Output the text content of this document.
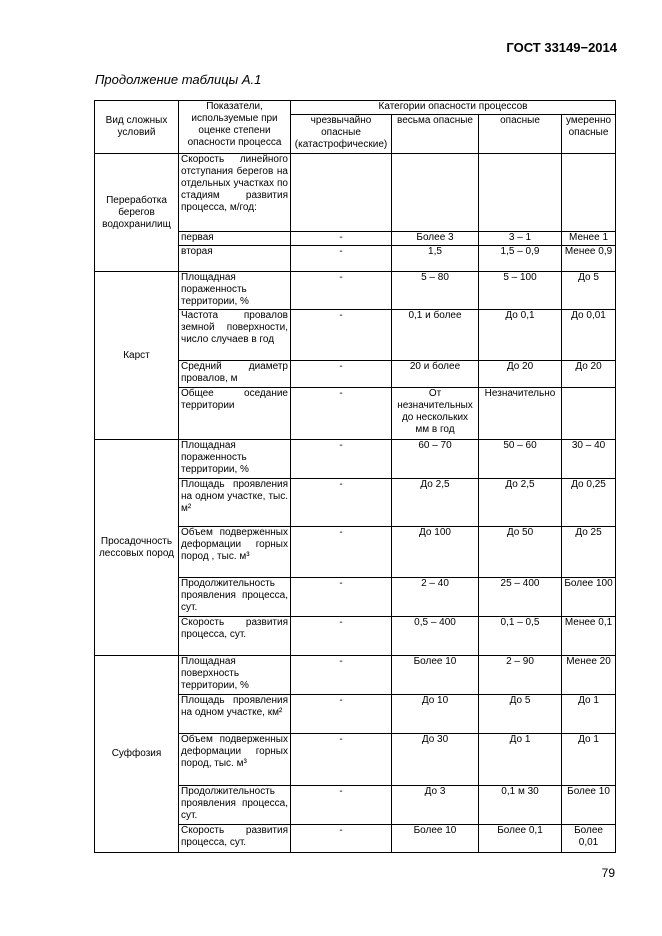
ГОСТ 33149−2014
Продолжение таблицы А.1
Вид сложных условий	Показатели, используемые при оценке степени опасности процесса	Категории опасности процессов			
		чрезвычайно опасные (катастрофические)	весьма опасные	опасные	умеренно опасные
Переработка берегов водохранилищ	Скорость линейного отступания берегов на отдельных участках по стадиям развития процесса, м/год:				
	первая	-	Более 3	3 – 1	Менее 1
	вторая	-	1,5	1,5 – 0,9	Менее 0,9
Карст	Площадная пораженность территории, %	-	5 – 80	5 – 100	До 5
	Частота провалов земной поверхности, число случаев в год	-	0,1 и более	До 0,1	До 0,01
	Средний диаметр провалов, м	-	20 и более	До 20	До 20
	Общее оседание территории	-	От незначительных до нескольких мм в год	Незначительно	
Просадочность лессовых пород	Площадная пораженность территории, %	-	60 – 70	50 – 60	30 – 40
	Площадь проявления на одном участке, тыс. м²	-	До 2,5	До 2,5	До 0,25
	Объем подверженных деформации горных пород , тыс. м³	-	До 100	До 50	До 25
	Продолжительность проявления процесса, сут.	-	2 – 40	25 – 400	Более 100
	Скорость развития процесса, сут.	-	0,5 – 400	0,1 – 0,5	Менее 0,1
Суффозия	Площадная поверхность территории, %	-	Более 10	2 – 90	Менее 20
	Площадь проявления на одном участке, км²	-	До 10	До 5	До 1
	Объем подверженных деформации горных пород, тыс. м³	-	До 30	До 1	До 1
	Продолжительность проявления процесса, сут.	-	До 3	0,1 м 30	Более 10
	Скорость развития процесса, сут.	-	Более 10	Более 0,1	Более 0,01
79
